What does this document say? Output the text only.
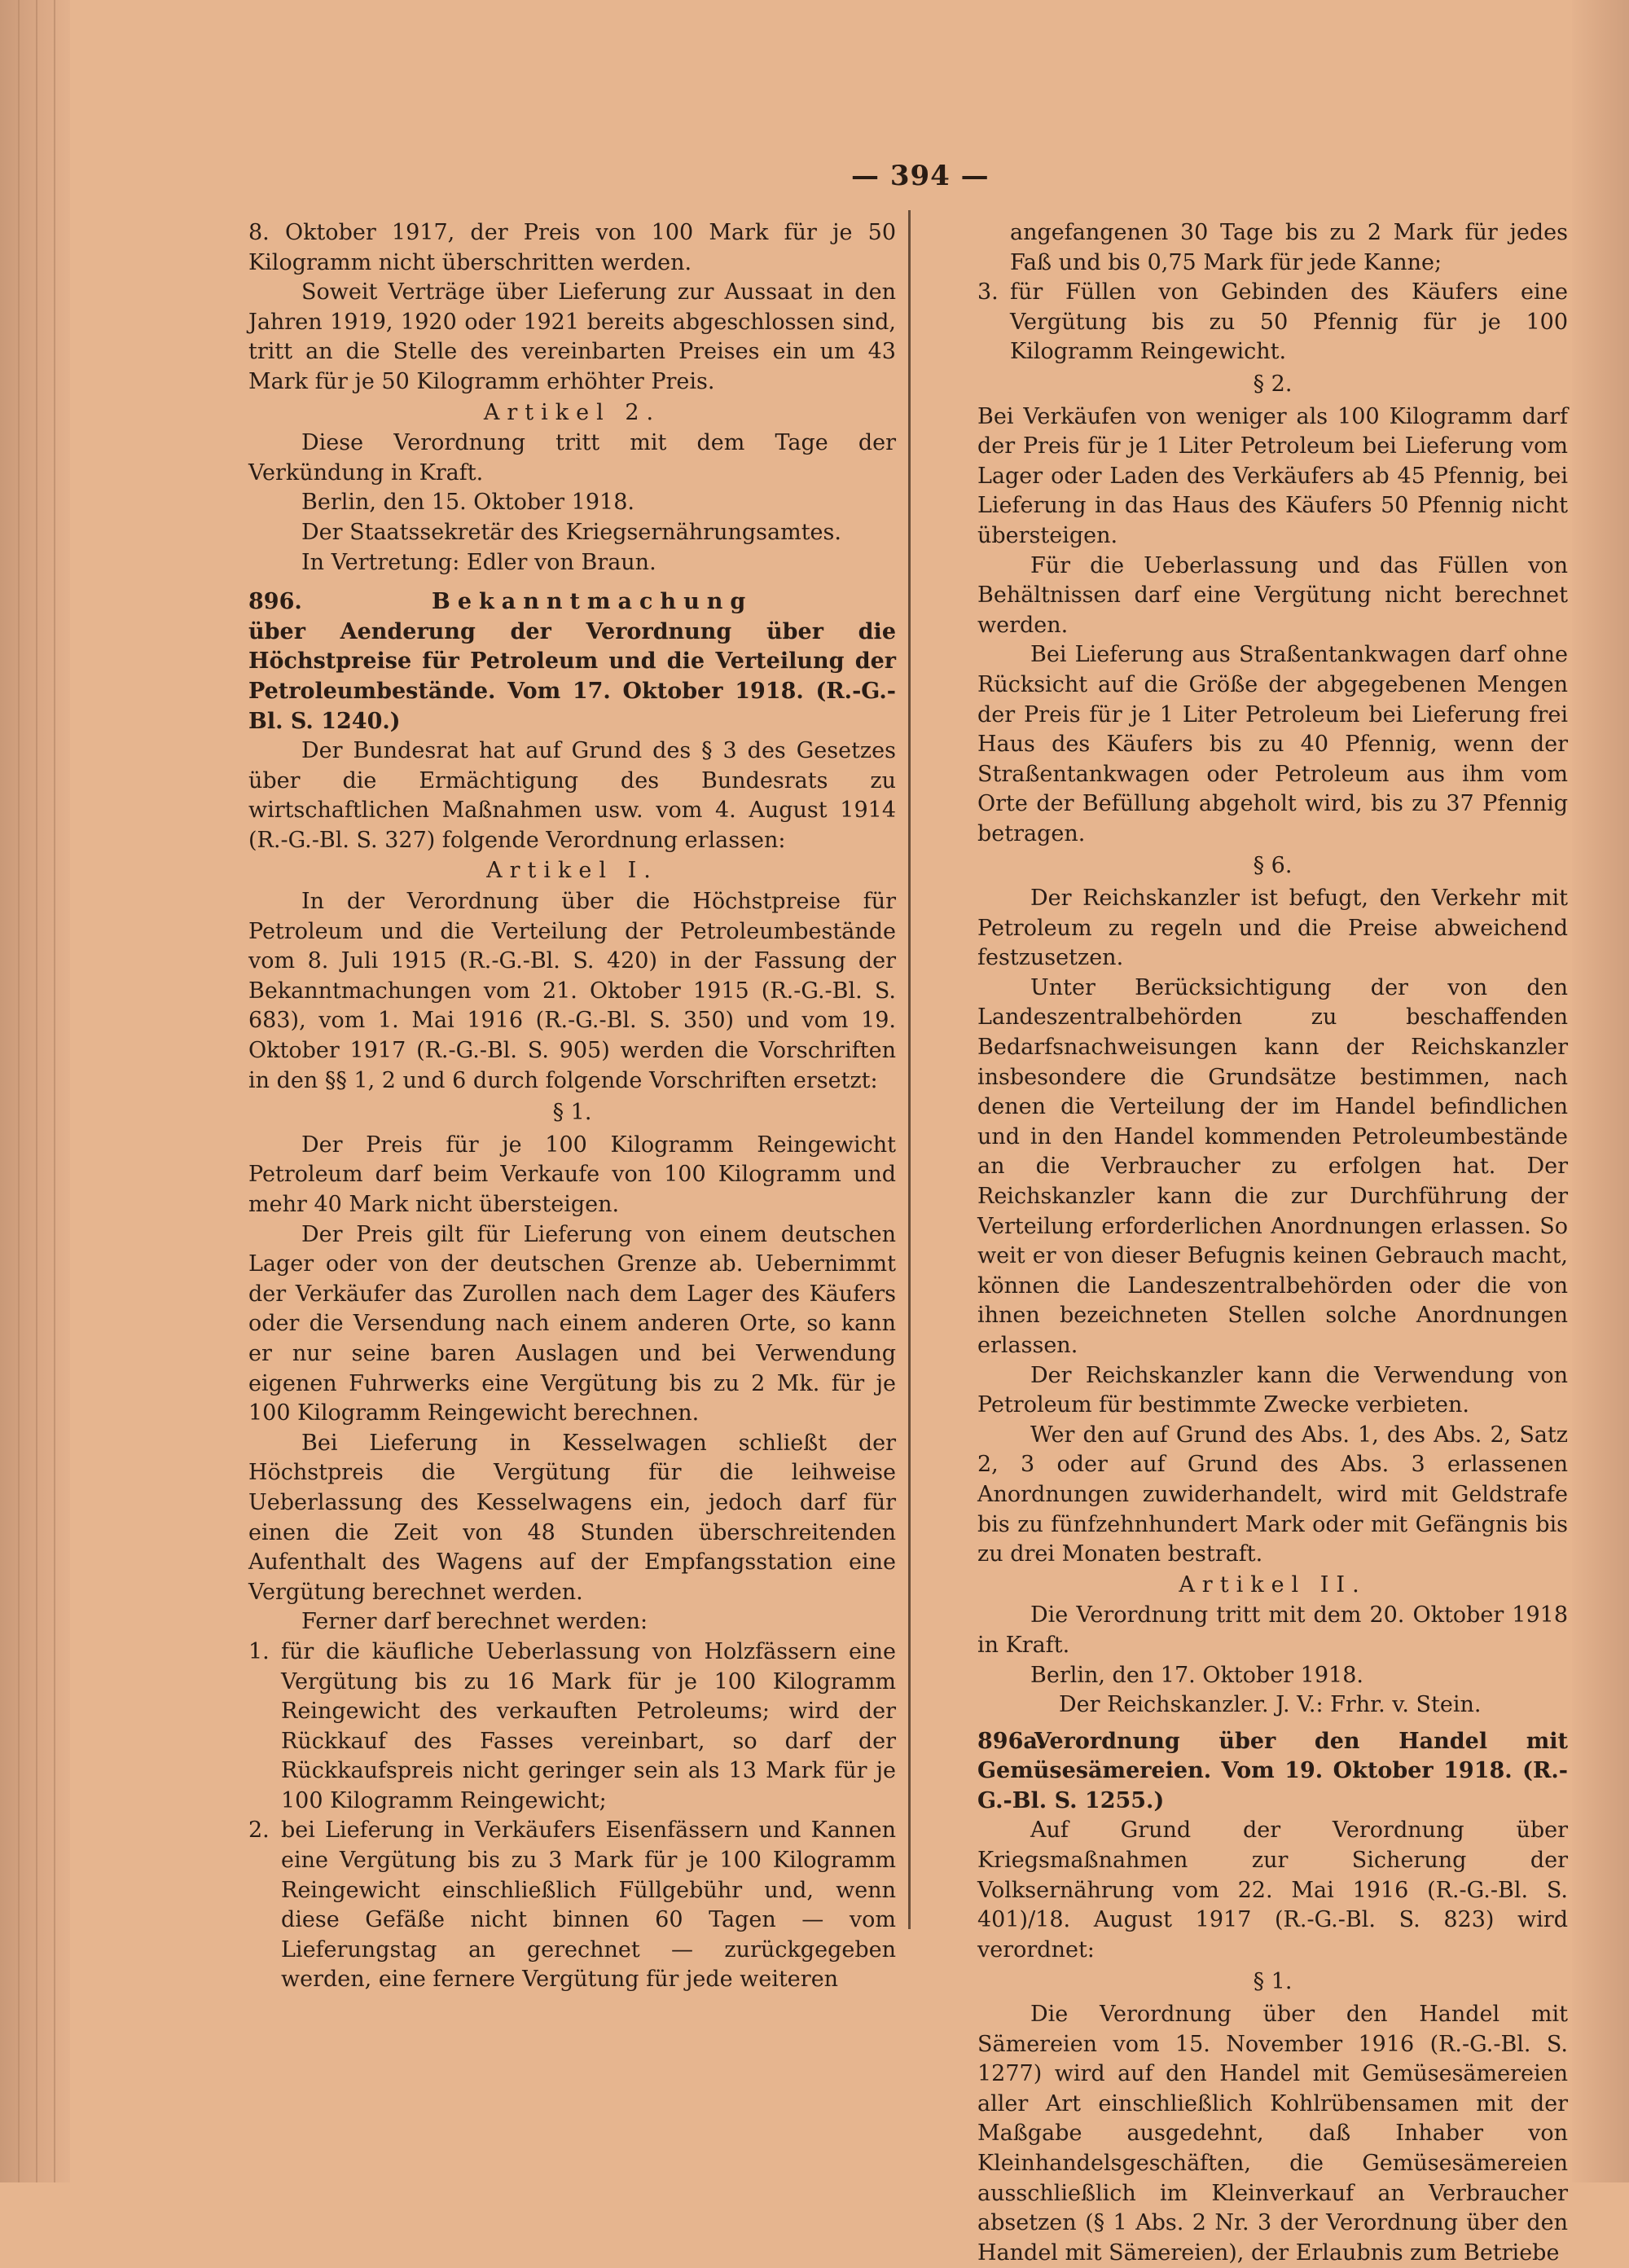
— 394 —

8. Oktober 1917, der Preis von 100 Mark für je 50 Kilogramm nicht überschritten werden.

Soweit Verträge über Lieferung zur Aussaat in den Jahren 1919, 1920 oder 1921 bereits abgeschlossen sind, tritt an die Stelle des vereinbarten Preises ein um 43 Mark für je 50 Kilogramm erhöhter Preis.

Artikel 2.

Diese Verordnung tritt mit dem Tage der Verkündung in Kraft.

Berlin, den 15. Oktober 1918.

Der Staatssekretär des Kriegsernährungsamtes.

In Vertretung: Edler von Braun.

896.	Bekanntmachung

über Aenderung der Verordnung über die Höchstpreise für Petroleum und die Verteilung der Petroleumbestände. Vom 17. Oktober 1918. (R.-G.-Bl. S. 1240.)

Der Bundesrat hat auf Grund des § 3 des Gesetzes über die Ermächtigung des Bundesrats zu wirtschaftlichen Maßnahmen usw. vom 4. August 1914 (R.-G.-Bl. S. 327) folgende Verordnung erlassen:

Artikel I.

In der Verordnung über die Höchstpreise für Petroleum und die Verteilung der Petroleumbestände vom 8. Juli 1915 (R.-G.-Bl. S. 420) in der Fassung der Bekanntmachungen vom 21. Oktober 1915 (R.-G.-Bl. S. 683), vom 1. Mai 1916 (R.-G.-Bl. S. 350) und vom 19. Oktober 1917 (R.-G.-Bl. S. 905) werden die Vorschriften in den §§ 1, 2 und 6 durch folgende Vorschriften ersetzt:

§ 1.

Der Preis für je 100 Kilogramm Reingewicht Petroleum darf beim Verkaufe von 100 Kilogramm und mehr 40 Mark nicht übersteigen.

Der Preis gilt für Lieferung von einem deutschen Lager oder von der deutschen Grenze ab. Uebernimmt der Verkäufer das Zurollen nach dem Lager des Käufers oder die Versendung nach einem anderen Orte, so kann er nur seine baren Auslagen und bei Verwendung eigenen Fuhrwerks eine Vergütung bis zu 2 Mk. für je 100 Kilogramm Reingewicht berechnen.

Bei Lieferung in Kesselwagen schließt der Höchstpreis die Vergütung für die leihweise Ueberlassung des Kesselwagens ein, jedoch darf für einen die Zeit von 48 Stunden überschreitenden Aufenthalt des Wagens auf der Empfangsstation eine Vergütung berechnet werden.

Ferner darf berechnet werden:

1. für die käufliche Ueberlassung von Holzfässern eine Vergütung bis zu 16 Mark für je 100 Kilogramm Reingewicht des verkauften Petroleums; wird der Rückkauf des Fasses vereinbart, so darf der Rückkaufspreis nicht geringer sein als 13 Mark für je 100 Kilogramm Reingewicht;

2. bei Lieferung in Verkäufers Eisenfässern und Kannen eine Vergütung bis zu 3 Mark für je 100 Kilogramm Reingewicht einschließlich Füllgebühr und, wenn diese Gefäße nicht binnen 60 Tagen — vom Lieferungstag an gerechnet — zurückgegeben werden, eine fernere Vergütung für jede weiteren

angefangenen 30 Tage bis zu 2 Mark für jedes Faß und bis 0,75 Mark für jede Kanne;

3. für Füllen von Gebinden des Käufers eine Vergütung bis zu 50 Pfennig für je 100 Kilogramm Reingewicht.

§ 2.

Bei Verkäufen von weniger als 100 Kilogramm darf der Preis für je 1 Liter Petroleum bei Lieferung vom Lager oder Laden des Verkäufers ab 45 Pfennig, bei Lieferung in das Haus des Käufers 50 Pfennig nicht übersteigen.

Für die Ueberlassung und das Füllen von Behältnissen darf eine Vergütung nicht berechnet werden.

Bei Lieferung aus Straßentankwagen darf ohne Rücksicht auf die Größe der abgegebenen Mengen der Preis für je 1 Liter Petroleum bei Lieferung frei Haus des Käufers bis zu 40 Pfennig, wenn der Straßentankwagen oder Petroleum aus ihm vom Orte der Befüllung abgeholt wird, bis zu 37 Pfennig betragen.

§ 6.

Der Reichskanzler ist befugt, den Verkehr mit Petroleum zu regeln und die Preise abweichend festzusetzen.

Unter Berücksichtigung der von den Landeszentralbehörden zu beschaffenden Bedarfsnachweisungen kann der Reichskanzler insbesondere die Grundsätze bestimmen, nach denen die Verteilung der im Handel befindlichen und in den Handel kommenden Petroleumbestände an die Verbraucher zu erfolgen hat. Der Reichskanzler kann die zur Durchführung der Verteilung erforderlichen Anordnungen erlassen. So weit er von dieser Befugnis keinen Gebrauch macht, können die Landeszentralbehörden oder die von ihnen bezeichneten Stellen solche Anordnungen erlassen.

Der Reichskanzler kann die Verwendung von Petroleum für bestimmte Zwecke verbieten.

Wer den auf Grund des Abs. 1, des Abs. 2, Satz 2, 3 oder auf Grund des Abs. 3 erlassenen Anordnungen zuwiderhandelt, wird mit Geldstrafe bis zu fünfzehnhundert Mark oder mit Gefängnis bis zu drei Monaten bestraft.

Artikel II.

Die Verordnung tritt mit dem 20. Oktober 1918 in Kraft.

Berlin, den 17. Oktober 1918.

Der Reichskanzler. J. V.: Frhr. v. Stein.

896a.Verordnung über den Handel mit Gemüsesämereien. Vom 19. Oktober 1918. (R.-G.-Bl. S. 1255.)

Auf Grund der Verordnung über Kriegsmaßnahmen zur Sicherung der Volksernährung vom 22. Mai 1916 (R.-G.-Bl. S. 401)/18. August 1917 (R.-G.-Bl. S. 823) wird verordnet:

§ 1.

Die Verordnung über den Handel mit Sämereien vom 15. November 1916 (R.-G.-Bl. S. 1277) wird auf den Handel mit Gemüsesämereien aller Art einschließlich Kohlrübensamen mit der Maßgabe ausgedehnt, daß Inhaber von Kleinhandelsgeschäften, die Gemüsesämereien ausschließlich im Kleinverkauf an Verbraucher absetzen (§ 1 Abs. 2 Nr. 3 der Verordnung über den Handel mit Sämereien), der Erlaubnis zum Betriebe
